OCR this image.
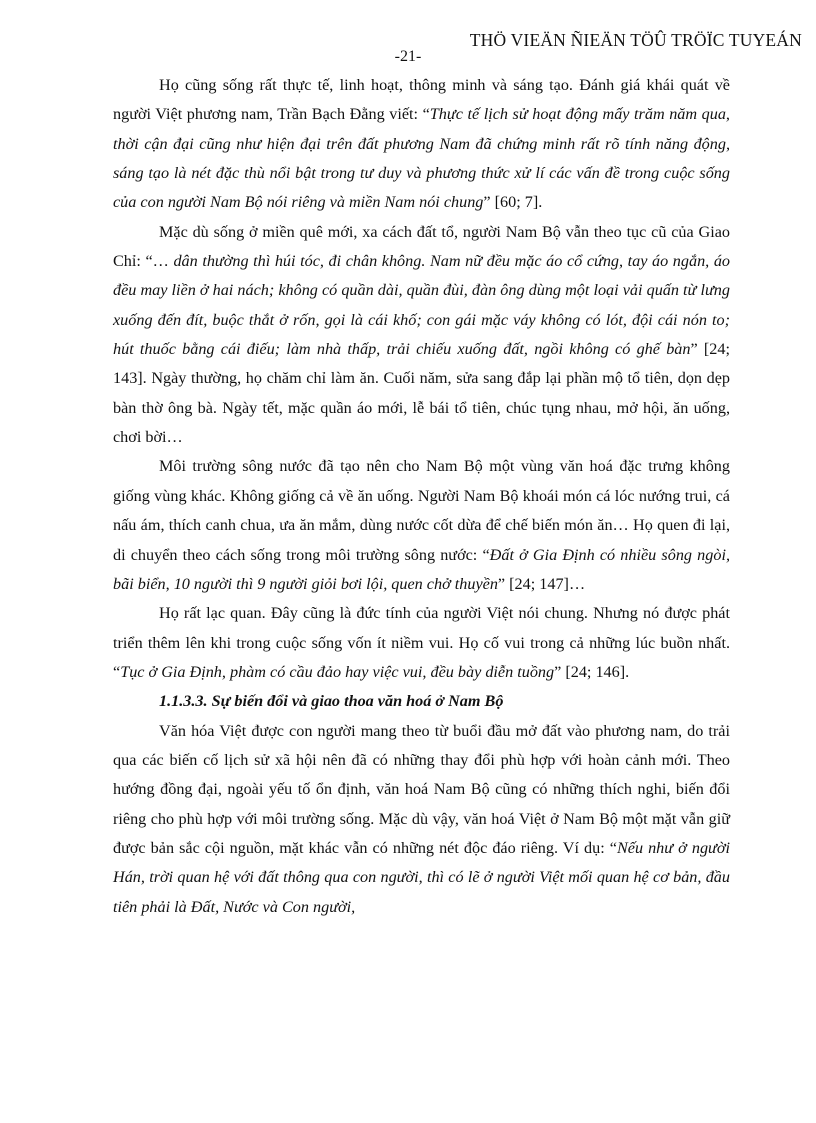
THÖ VIEÄN ÑIEÄN TÖÛ TRÖÏC TUYEÁN
-21-

Họ cũng sống rất thực tế, linh hoạt, thông minh và sáng tạo. Đánh giá khái quát về người Việt phương nam, Trần Bạch Đằng viết: “Thực tế lịch sử hoạt động mấy trăm năm qua, thời cận đại cũng như hiện đại trên đất phương Nam đã chứng minh rất rõ tính năng động, sáng tạo là nét đặc thù nổi bật trong tư duy và phương thức xử lí các vấn đề trong cuộc sống của con người Nam Bộ nói riêng và miền Nam nói chung” [60; 7].

Mặc dù sống ở miền quê mới, xa cách đất tổ, người Nam Bộ vẫn theo tục cũ của Giao Chỉ: “… dân thường thì húi tóc, đi chân không. Nam nữ đều mặc áo cổ cứng, tay áo ngắn, áo đều may liền ở hai nách; không có quần dài, quần đùi, đàn ông dùng một loại vải quấn từ lưng xuống đến đít, buộc thắt ở rốn, gọi là cái khố; con gái mặc váy không có lót, đội cái nón to; hút thuốc bằng cái điếu; làm nhà thấp, trải chiếu xuống đất, ngồi không có ghế bàn” [24; 143]. Ngày thường, họ chăm chỉ làm ăn. Cuối năm, sửa sang đắp lại phần mộ tổ tiên, dọn dẹp bàn thờ ông bà. Ngày tết, mặc quần áo mới, lễ bái tổ tiên, chúc tụng nhau, mở hội, ăn uống, chơi bời…

Môi trường sông nước đã tạo nên cho Nam Bộ một vùng văn hoá đặc trưng không giống vùng khác. Không giống cả về ăn uống. Người Nam Bộ khoái món cá lóc nướng trui, cá nấu ám, thích canh chua, ưa ăn mắm, dùng nước cốt dừa để chế biến món ăn… Họ quen đi lại, di chuyển theo cách sống trong môi trường sông nước: “Đất ở Gia Định có nhiều sông ngòi, bãi biển, 10 người thì 9 người giỏi bơi lội, quen chở thuyền” [24; 147]…

Họ rất lạc quan. Đây cũng là đức tính của người Việt nói chung. Nhưng nó được phát triển thêm lên khi trong cuộc sống vốn ít niềm vui. Họ cố vui trong cả những lúc buồn nhất. “Tục ở Gia Định, phàm có cầu đảo hay việc vui, đều bày diễn tuồng” [24; 146].

1.1.3.3. Sự biến đổi và giao thoa văn hoá ở Nam Bộ

Văn hóa Việt được con người mang theo từ buổi đầu mở đất vào phương nam, do trải qua các biến cố lịch sử xã hội nên đã có những thay đổi phù hợp với hoàn cảnh mới. Theo hướng đồng đại, ngoài yếu tố ổn định, văn hoá Nam Bộ cũng có những thích nghi, biến đổi riêng cho phù hợp với môi trường sống. Mặc dù vậy, văn hoá Việt ở Nam Bộ một mặt vẫn giữ được bản sắc cội nguồn, mặt khác vẫn có những nét độc đáo riêng. Ví dụ: “Nếu như ở người Hán, trời quan hệ với đất thông qua con người, thì có lẽ ở người Việt mối quan hệ cơ bản, đầu tiên phải là Đất, Nước và Con người,
